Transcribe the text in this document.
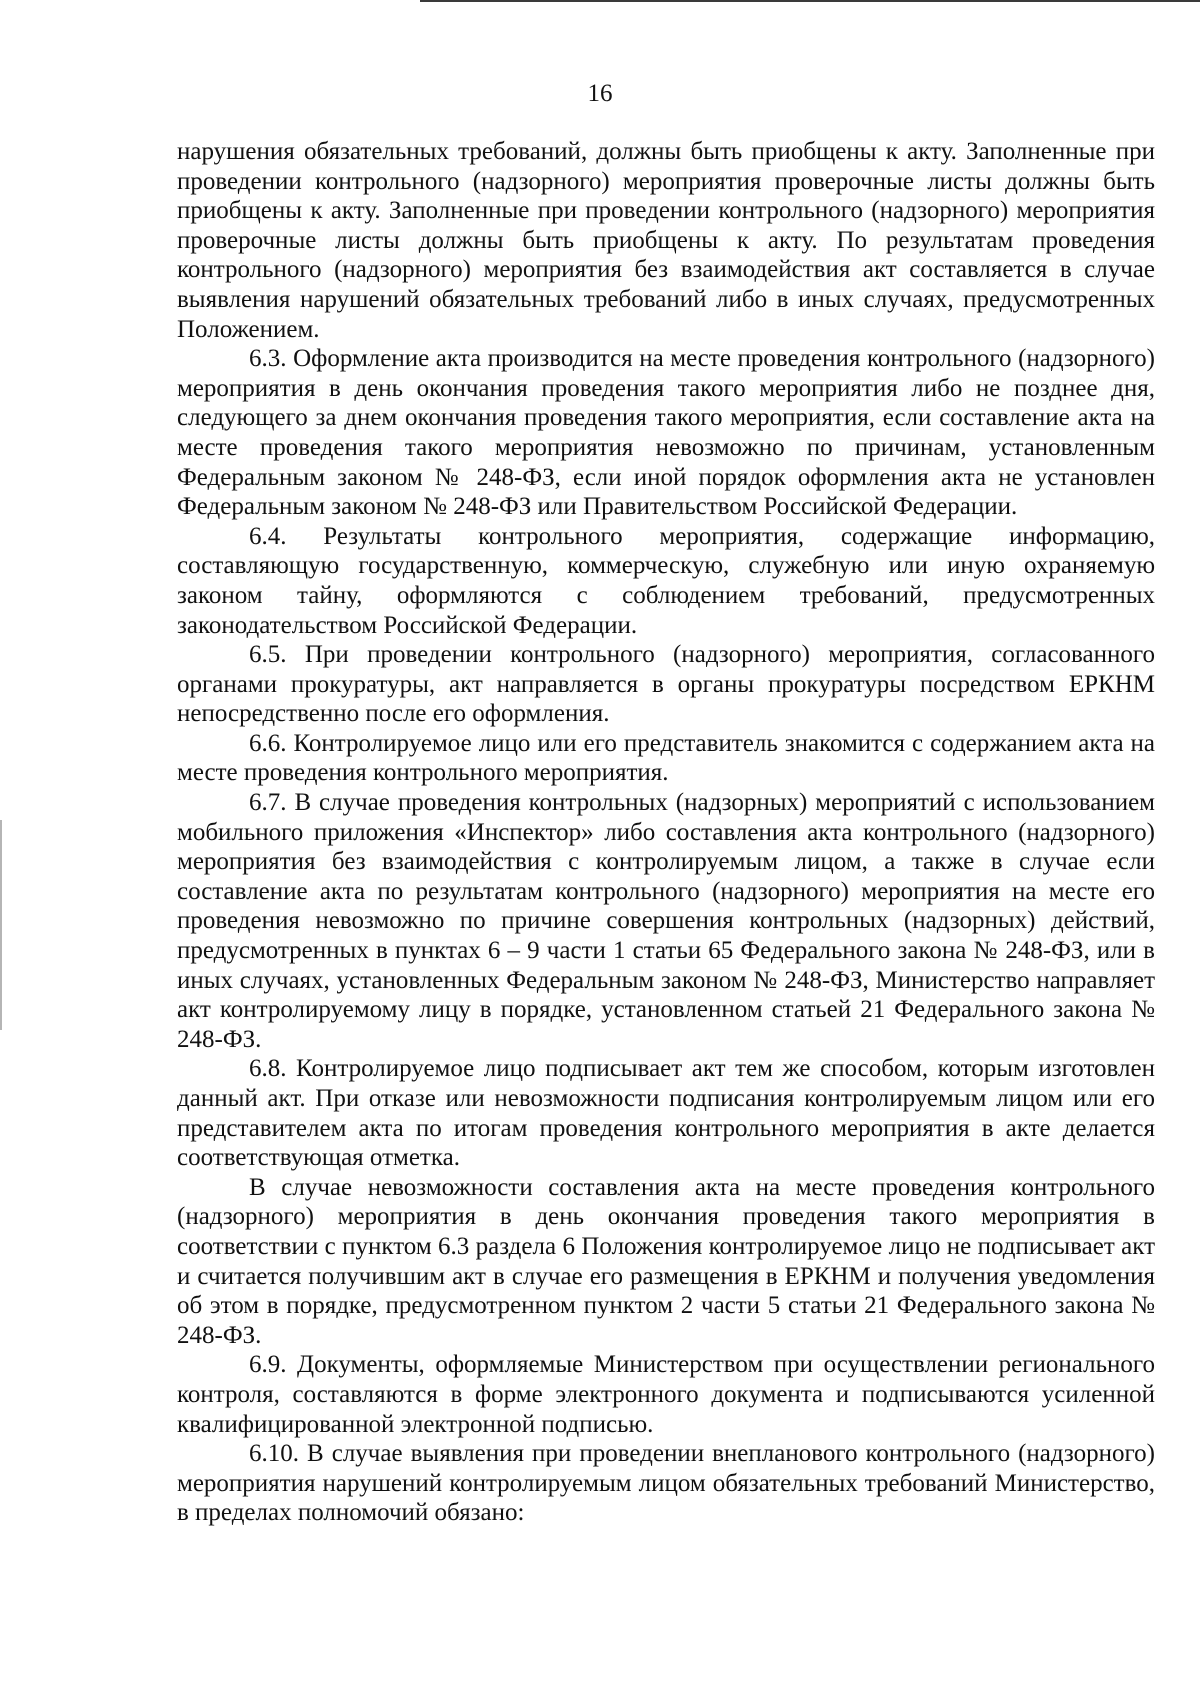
16

нарушения обязательных требований, должны быть приобщены к акту. Заполненные при проведении контрольного (надзорного) мероприятия проверочные листы должны быть приобщены к акту. Заполненные при проведении контрольного (надзорного) мероприятия проверочные листы должны быть приобщены к акту. По результатам проведения контрольного (надзорного) мероприятия без взаимодействия акт составляется в случае выявления нарушений обязательных требований либо в иных случаях, предусмотренных Положением.

6.3. Оформление акта производится на месте проведения контрольного (надзорного) мероприятия в день окончания проведения такого мероприятия либо не позднее дня, следующего за днем окончания проведения такого мероприятия, если составление акта на месте проведения такого мероприятия невозможно по причинам, установленным Федеральным законом № 248-ФЗ, если иной порядок оформления акта не установлен Федеральным законом № 248-ФЗ или Правительством Российской Федерации.

6.4. Результаты контрольного мероприятия, содержащие информацию, составляющую государственную, коммерческую, служебную или иную охраняемую законом тайну, оформляются с соблюдением требований, предусмотренных законодательством Российской Федерации.

6.5. При проведении контрольного (надзорного) мероприятия, согласованного органами прокуратуры, акт направляется в органы прокуратуры посредством ЕРКНМ непосредственно после его оформления.

6.6. Контролируемое лицо или его представитель знакомится с содержанием акта на месте проведения контрольного мероприятия.

6.7. В случае проведения контрольных (надзорных) мероприятий с использованием мобильного приложения «Инспектор» либо составления акта контрольного (надзорного) мероприятия без взаимодействия с контролируемым лицом, а также в случае если составление акта по результатам контрольного (надзорного) мероприятия на месте его проведения невозможно по причине совершения контрольных (надзорных) действий, предусмотренных в пунктах 6 – 9 части 1 статьи 65 Федерального закона № 248-ФЗ, или в иных случаях, установленных Федеральным законом № 248-ФЗ, Министерство направляет акт контролируемому лицу в порядке, установленном статьей 21 Федерального закона № 248-ФЗ.

6.8. Контролируемое лицо подписывает акт тем же способом, которым изготовлен данный акт. При отказе или невозможности подписания контролируемым лицом или его представителем акта по итогам проведения контрольного мероприятия в акте делается соответствующая отметка.

В случае невозможности составления акта на месте проведения контрольного (надзорного) мероприятия в день окончания проведения такого мероприятия в соответствии с пунктом 6.3 раздела 6 Положения контролируемое лицо не подписывает акт и считается получившим акт в случае его размещения в ЕРКНМ и получения уведомления об этом в порядке, предусмотренном пунктом 2 части 5 статьи 21 Федерального закона № 248-ФЗ.

6.9. Документы, оформляемые Министерством при осуществлении регионального контроля, составляются в форме электронного документа и подписываются усиленной квалифицированной электронной подписью.

6.10. В случае выявления при проведении внепланового контрольного (надзорного) мероприятия нарушений контролируемым лицом обязательных требований Министерство, в пределах полномочий обязано:
